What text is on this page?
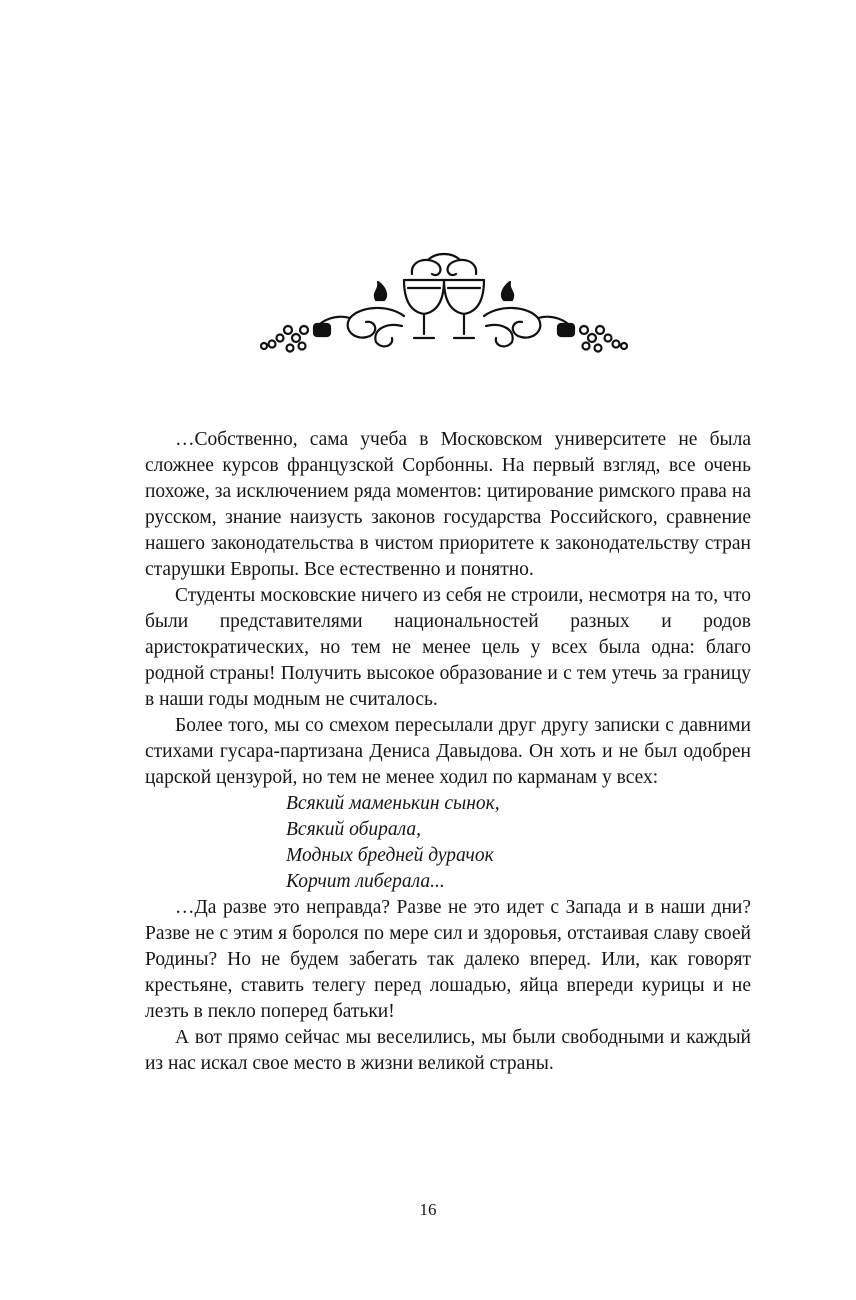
…Собственно, сама учеба в Московском университете не была сложнее курсов французской Сорбонны. На первый взгляд, все очень похоже, за исключением ряда моментов: цитирование римского права на русском, знание наизусть законов государства Российского, сравнение нашего законодательства в чистом приоритете к законодательству стран старушки Европы. Все естественно и понятно.

Студенты московские ничего из себя не строили, несмотря на то, что были представителями национальностей разных и родов аристократических, но тем не менее цель у всех была одна: благо родной страны! Получить высокое образование и с тем утечь за границу в наши годы модным не считалось.

Более того, мы со смехом пересылали друг другу записки с давними стихами гусара-партизана Дениса Давыдова. Он хоть и не был одобрен царской цензурой, но тем не менее ходил по карманам у всех:

Всякий маменькин сынок,
Всякий обирала,
Модных бредней дурачок
Корчит либерала...

…Да разве это неправда? Разве не это идет с Запада и в наши дни? Разве не с этим я боролся по мере сил и здоровья, отстаивая славу своей Родины? Но не будем забегать так далеко вперед. Или, как говорят крестьяне, ставить телегу перед лошадью, яйца впереди курицы и не лезть в пекло поперед батьки!

А вот прямо сейчас мы веселились, мы были свободными и каждый из нас искал свое место в жизни великой страны.

16
